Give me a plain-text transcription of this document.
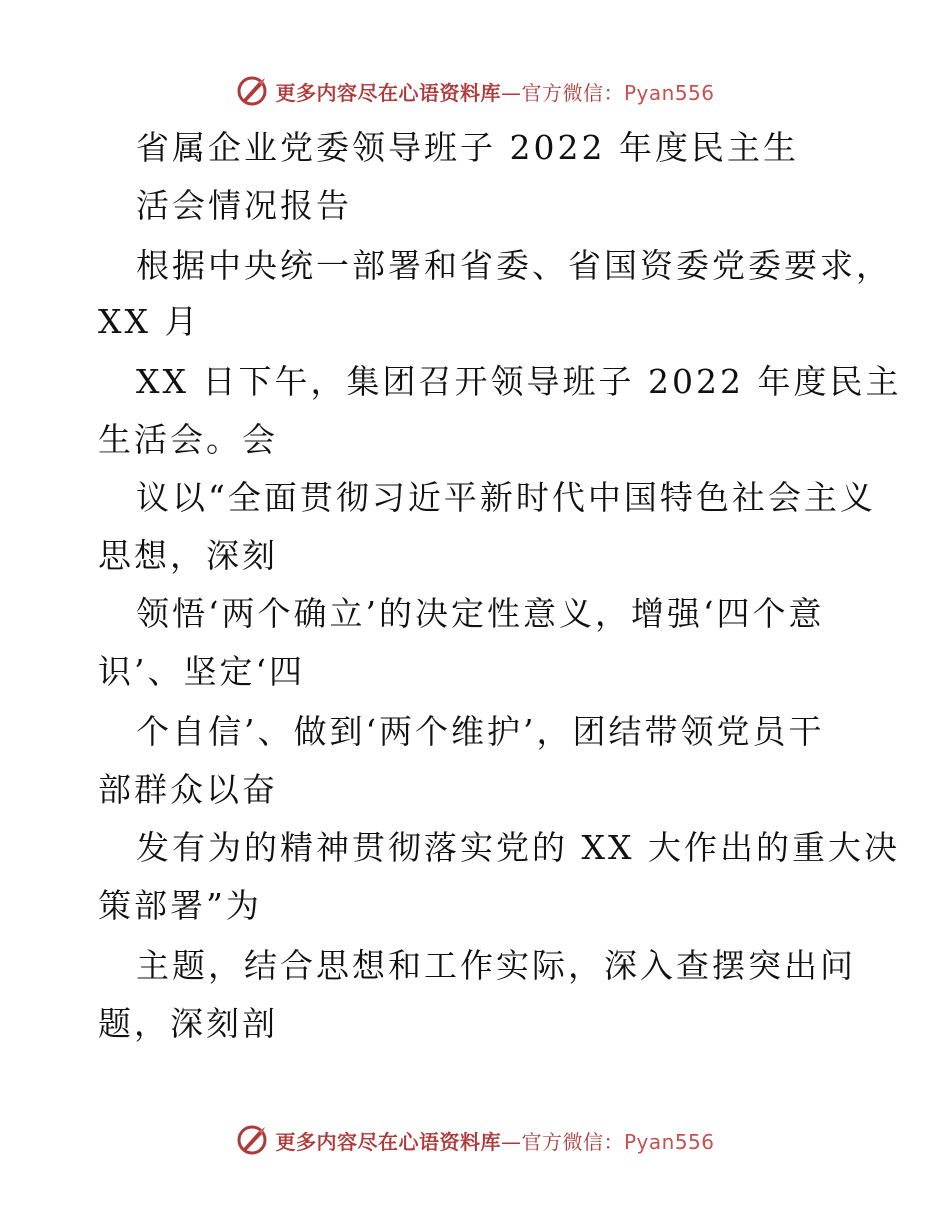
更多内容尽在心语资料库—官方微信：Pyan556
省属企业党委领导班子 2022 年度民主生
活会情况报告
根据中央统一部署和省委、省国资委党委要求，
XX 月
XX 日下午，集团召开领导班子 2022 年度民主
生活会。会
议以“全面贯彻习近平新时代中国特色社会主义
思想，深刻
领悟‘两个确立’的决定性意义，增强‘四个意
识’、坚定‘四
个自信’、做到‘两个维护’，团结带领党员干
部群众以奋
发有为的精神贯彻落实党的 XX 大作出的重大决
策部署”为
主题，结合思想和工作实际，深入查摆突出问
题，深刻剖
更多内容尽在心语资料库—官方微信：Pyan556
